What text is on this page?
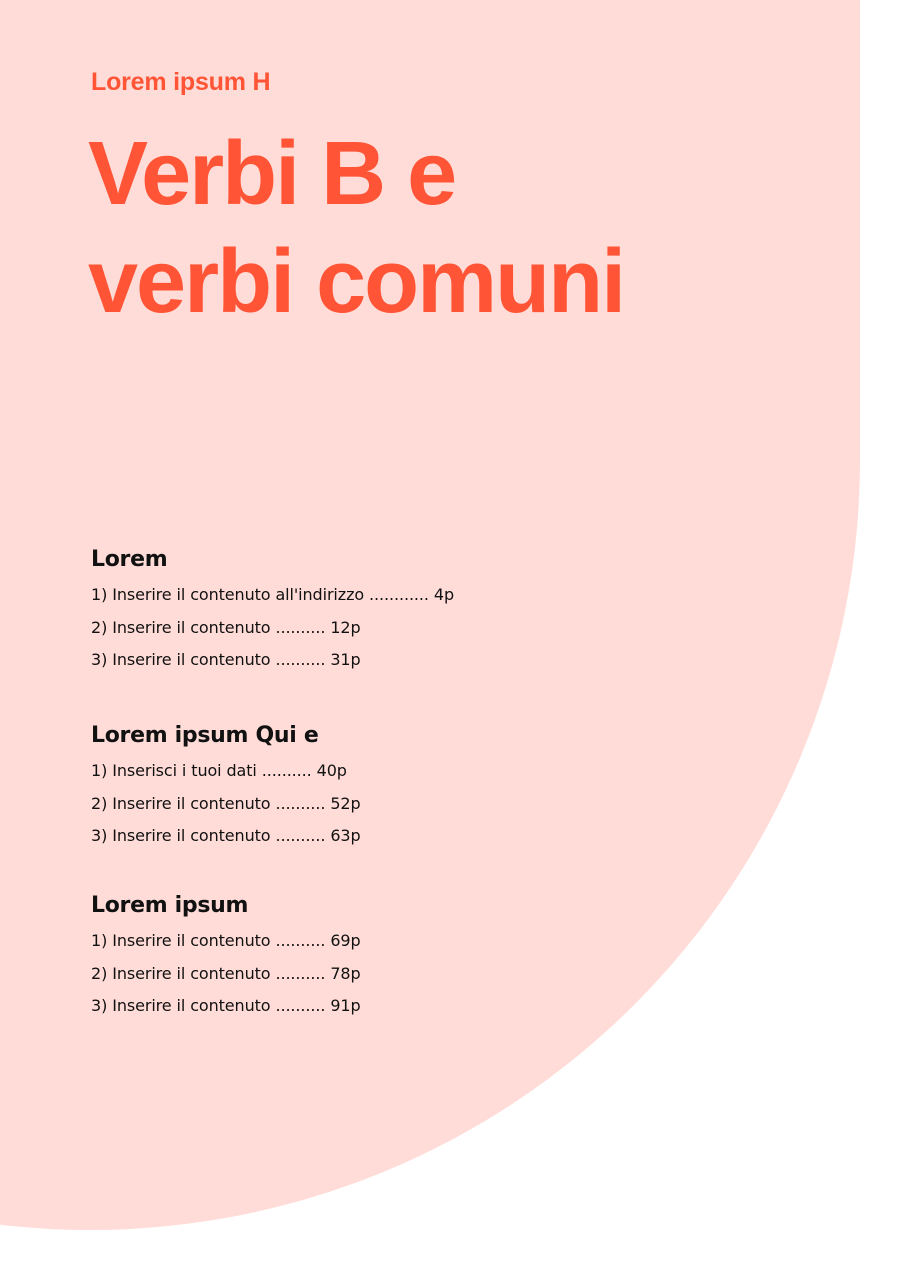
Lorem ipsum H
Verbi B e
verbi comuni
Lorem
1) Inserire il contenuto all'indirizzo ............ 4p
2) Inserire il contenuto .......... 12p
3) Inserire il contenuto .......... 31p
Lorem ipsum Qui e
1) Inserisci i tuoi dati .......... 40p
2) Inserire il contenuto .......... 52p
3) Inserire il contenuto .......... 63p
Lorem ipsum
1) Inserire il contenuto .......... 69p
2) Inserire il contenuto .......... 78p
3) Inserire il contenuto .......... 91p
